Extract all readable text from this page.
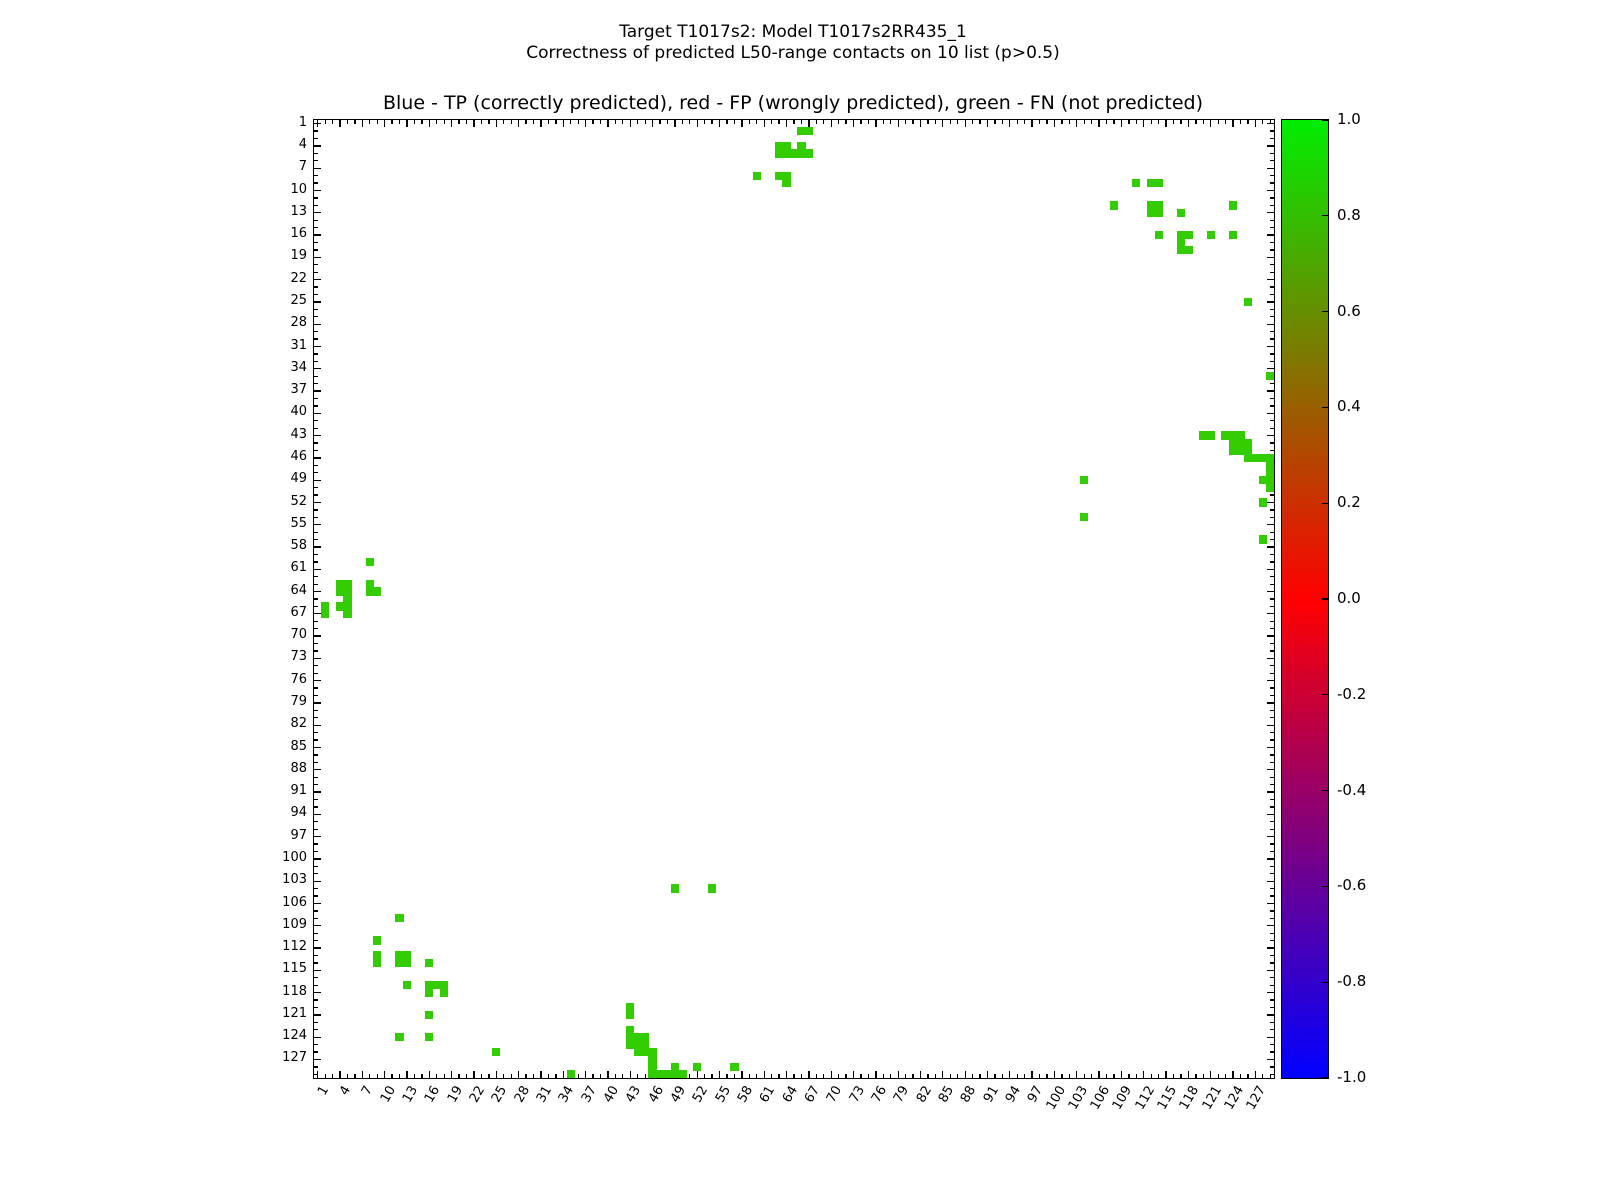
Target T1017s2: Model T1017s2RR435_1
Correctness of predicted L50-range contacts on 10 list (p>0.5)
Blue - TP (correctly predicted), red - FP (wrongly predicted), green - FN (not predicted)
1
4
7
10
13
16
19
22
25
28
31
34
37
40
43
46
49
52
55
58
61
64
67
70
73
76
79
82
85
88
91
94
97
100
103
106
109
112
115
118
121
124
127
1 4 7 10 13 16 19 22 25 28 31 34 37 40 43 46 49 52 55 58 61 64 67 70 73 76 79 82 85 88 91 94 97
100
103
106
109
112
115
118
121
124
127
1.0
0.8
0.6
0.4
0.2
0.0
-0.2
-0.4
-0.6
-0.8
-1.0
